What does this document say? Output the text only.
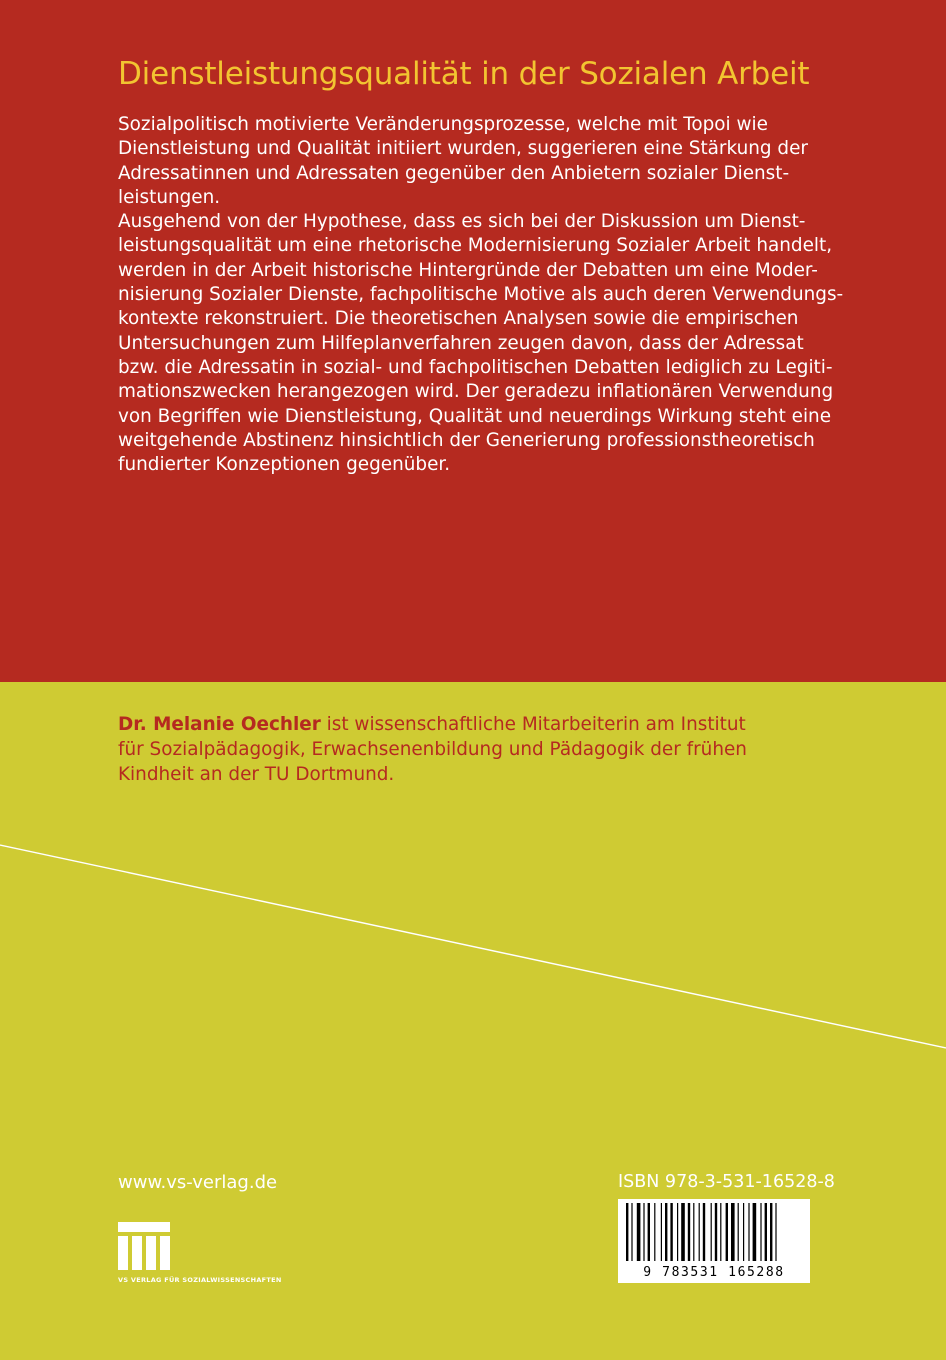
Dienstleistungsqualität in der Sozialen Arbeit

Sozialpolitisch motivierte Veränderungsprozesse, welche mit Topoi wie

Dienstleistung und Qualität initiiert wurden, suggerieren eine Stärkung der

Adressatinnen und Adressaten gegenüber den Anbietern sozialer Dienst-

leistungen.

Ausgehend von der Hypothese, dass es sich bei der Diskussion um Dienst-

leistungsqualität um eine rhetorische Modernisierung Sozialer Arbeit handelt,

werden in der Arbeit historische Hintergründe der Debatten um eine Moder-

nisierung Sozialer Dienste, fachpolitische Motive als auch deren Verwendungs-

kontexte rekonstruiert. Die theoretischen Analysen sowie die empirischen

Untersuchungen zum Hilfeplanverfahren zeugen davon, dass der Adressat

bzw. die Adressatin in sozial- und fachpolitischen Debatten lediglich zu Legiti-

mationszwecken herangezogen wird. Der geradezu inflationären Verwendung

von Begriffen wie Dienstleistung, Qualität und neuerdings Wirkung steht eine

weitgehende Abstinenz hinsichtlich der Generierung professionstheoretisch

fundierter Konzeptionen gegenüber.

Dr. Melanie Oechler ist wissenschaftliche Mitarbeiterin am Institut

für Sozialpädagogik, Erwachsenenbildung und Pädagogik der frühen

Kindheit an der TU Dortmund.

www.vs-verlag.de	ISBN 978-3-531-16528-8
9 783531 165288
VS VERLAG FÜR SOZIALWISSENSCHAFTEN
